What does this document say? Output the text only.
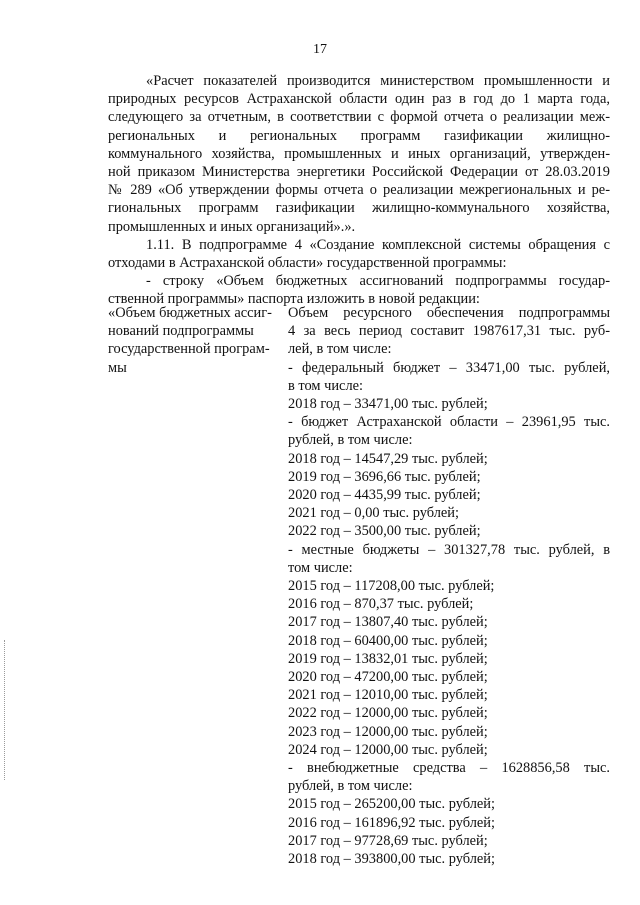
17

«Расчет показателей производится министерством промышленности и

природных ресурсов Астраханской области один раз в год до 1 марта года,
следующего за отчетным, в соответствии с формой отчета о реализации меж-
региональных и региональных программ газификации жилищно-
коммунального хозяйства, промышленных и иных организаций, утвержден-
ной приказом Министерства энергетики Российской Федерации от 28.03.2019
№ 289 «Об утверждении формы отчета о реализации межрегиональных и ре-
гиональных программ газификации жилищно-коммунального хозяйства,
промышленных и иных организаций».».

1.11. В подпрограмме 4 «Создание комплексной системы обращения с

отходами в Астраханской области» государственной программы:

- строку «Объем бюджетных ассигнований подпрограммы государ-

ственной программы» паспорта изложить в новой редакции:
«Объем бюджетных ассиг-
нований подпрограммы
государственной програм-
мы
Объем ресурсного обеспечения подпрограммы
4 за весь период составит 1987617,31 тыс. руб-
лей, в том числе:
- федеральный бюджет – 33471,00 тыс. рублей,
в том числе:
2018 год – 33471,00 тыс. рублей;
- бюджет Астраханской области – 23961,95 тыс.
рублей, в том числе:
2018 год – 14547,29 тыс. рублей;
2019 год – 3696,66 тыс. рублей;
2020 год – 4435,99 тыс. рублей;
2021 год – 0,00 тыс. рублей;
2022 год – 3500,00 тыс. рублей;
- местные бюджеты – 301327,78 тыс. рублей, в
том числе:
2015 год – 117208,00 тыс. рублей;
2016 год – 870,37 тыс. рублей;
2017 год – 13807,40 тыс. рублей;
2018 год – 60400,00 тыс. рублей;
2019 год – 13832,01 тыс. рублей;
2020 год – 47200,00 тыс. рублей;
2021 год – 12010,00 тыс. рублей;
2022 год – 12000,00 тыс. рублей;
2023 год – 12000,00 тыс. рублей;
2024 год – 12000,00 тыс. рублей;
- внебюджетные средства – 1628856,58 тыс.
рублей, в том числе:
2015 год – 265200,00 тыс. рублей;
2016 год – 161896,92 тыс. рублей;
2017 год – 97728,69 тыс. рублей;
2018 год – 393800,00 тыс. рублей;
